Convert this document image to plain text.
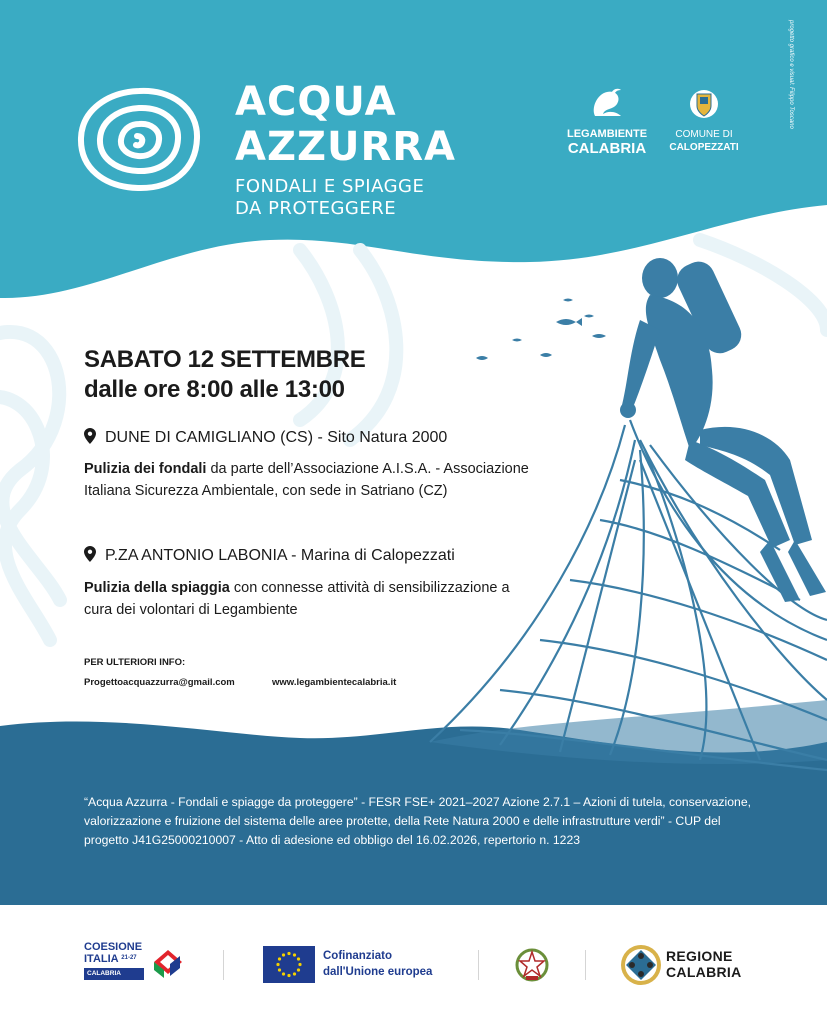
ACQUA
AZZURRA
FONDALI E SPIAGGE
DA PROTEGGERE
LEGAMBIENTE
CALABRIA
COMUNE DI
CALOPEZZATI
progetto grafico e visual: Filippo Toscano
SABATO 12 SETTEMBRE
dalle ore 8:00 alle 13:00
DUNE DI CAMIGLIANO (CS) - Sito Natura 2000
Pulizia dei fondali da parte dell’Associazione A.I.S.A. - Associazione Italiana Sicurezza Ambientale, con sede in Satriano (CZ)
P.ZA ANTONIO LABONIA - Marina di Calopezzati
Pulizia della spiaggia con connesse attività di sensibilizzazione a cura dei volontari di Legambiente
PER ULTERIORI INFO:
Progettoacquazzurra@gmail.com	www.legambientecalabria.it
“Acqua Azzurra - Fondali e spiagge da proteggere” - FESR FSE+ 2021–2027 Azione 2.7.1 – Azioni di tutela, conservazione, valorizzazione e fruizione del sistema delle aree protette, della Rete Natura 2000 e delle infrastrutture verdi” - CUP del progetto J41G25000210007 - Atto di adesione ed obbligo del 16.02.2026, repertorio n. 1223
COESIONE
ITALIA $^{21-27}$
CALABRIA
Cofinanziato
dall'Unione europea
REGIONE
CALABRIA
